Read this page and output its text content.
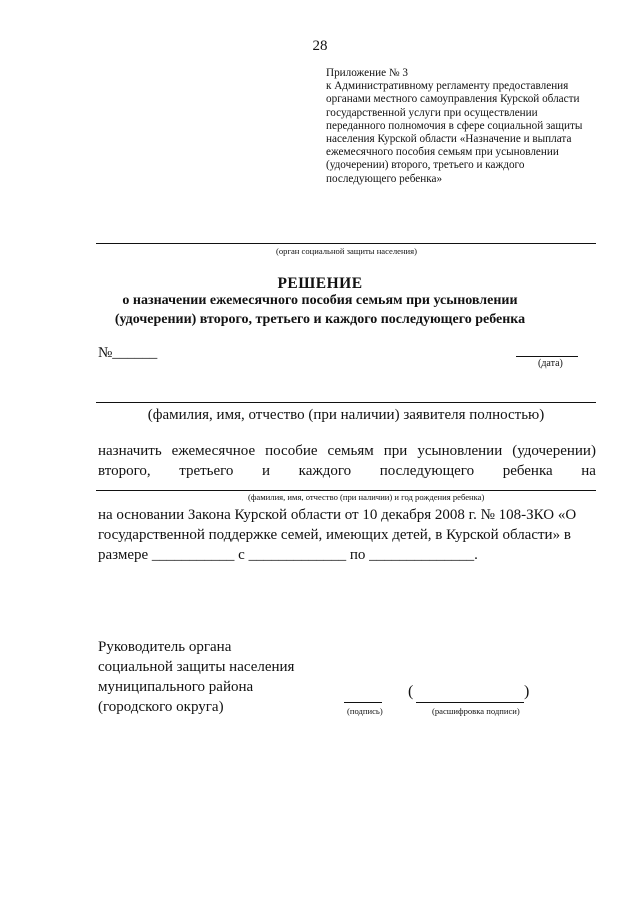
28
Приложение № 3
к Административному регламенту предоставления
органами местного самоуправления Курской области
государственной услуги при осуществлении
переданного полномочия в сфере социальной защиты
населения Курской области «Назначение и выплата
ежемесячного пособия семьям при усыновлении
(удочерении) второго, третьего и каждого
последующего ребенка»
(орган социальной защиты населения)
РЕШЕНИЕ
о назначении ежемесячного пособия семьям при усыновлении
(удочерении) второго, третьего и каждого последующего ребенка
№______
(дата)
(фамилия, имя, отчество (при наличии) заявителя полностью)
назначить ежемесячное пособие семьям при усыновлении (удочерении)
второго, третьего и каждого последующего ребенка на
(фамилия, имя, отчество (при наличии) и год рождения ребенка)
на основании Закона Курской области от 10 декабря 2008 г. № 108-ЗКО «О
государственной поддержке семей, имеющих детей, в Курской области» в
размере ___________ с _____________ по ______________.
Руководитель органа
социальной защиты населения
муниципального района
(городского округа)	(подпись)
(	)
(расшифровка подписи)
